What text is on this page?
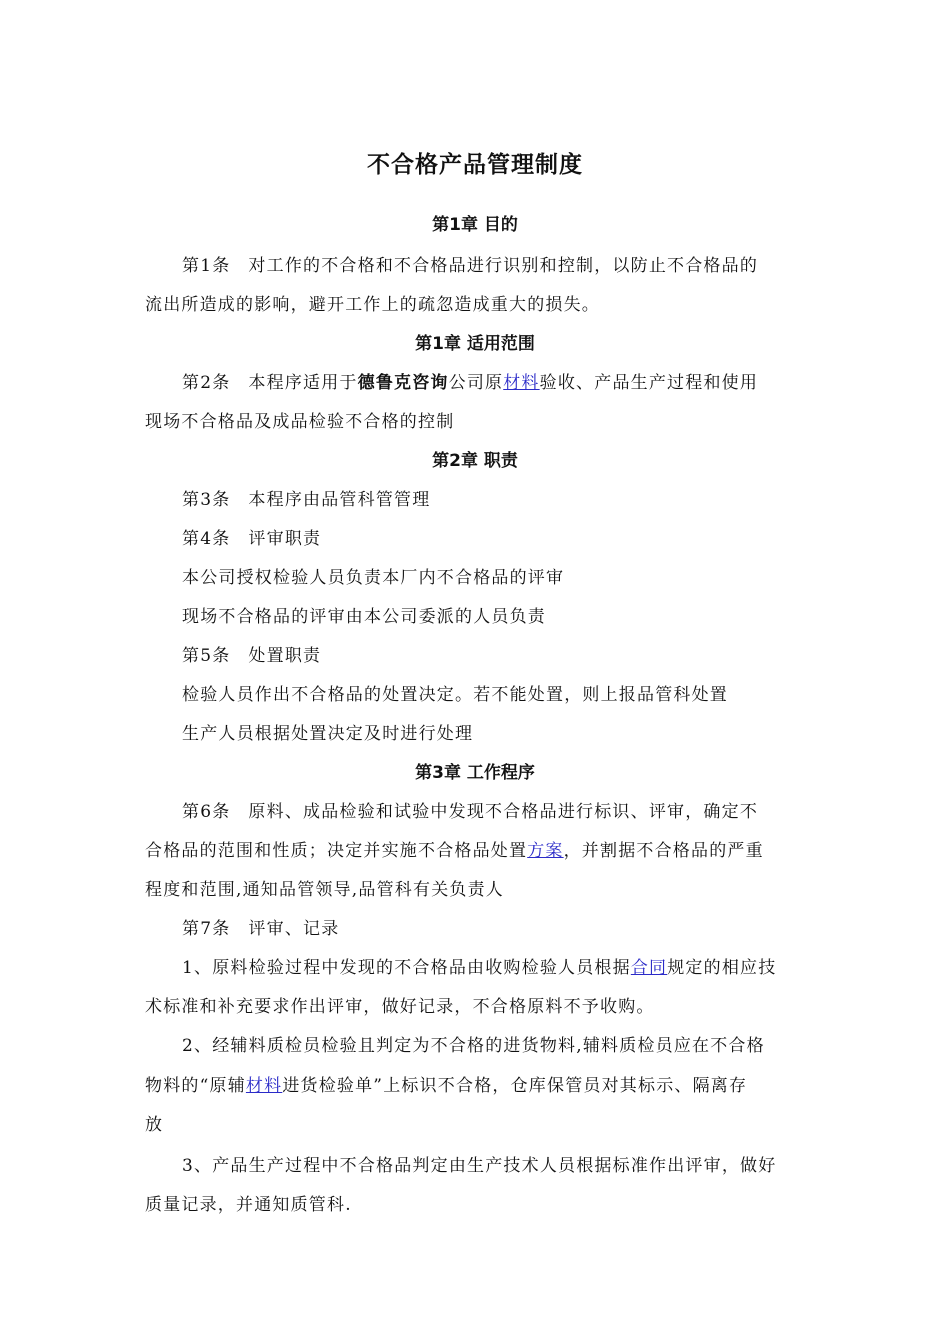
不合格产品管理制度
第1章 目的
第1条 对工作的不合格和不合格品进行识别和控制，以防止不合格品的
流出所造成的影响，避开工作上的疏忽造成重大的损失。
第1章 适用范围
第2条 本程序适用于德鲁克咨询公司原材料验收、产品生产过程和使用
现场不合格品及成品检验不合格的控制
第2章 职责
第3条 本程序由品管科管管理
第4条 评审职责
本公司授权检验人员负责本厂内不合格品的评审
现场不合格品的评审由本公司委派的人员负责
第5条 处置职责
检验人员作出不合格品的处置决定。若不能处置，则上报品管科处置
生产人员根据处置决定及时进行处理
第3章 工作程序
第6条 原料、成品检验和试验中发现不合格品进行标识、评审，确定不
合格品的范围和性质；决定并实施不合格品处置方案，并割据不合格品的严重
程度和范围,通知品管领导,品管科有关负责人
第7条 评审、记录
1、原料检验过程中发现的不合格品由收购检验人员根据合同规定的相应技
术标准和补充要求作出评审，做好记录，不合格原料不予收购。
2、经辅料质检员检验且判定为不合格的进货物料,辅料质检员应在不合格
物料的“原辅材料进货检验单”上标识不合格，仓库保管员对其标示、隔离存
放
3、产品生产过程中不合格品判定由生产技术人员根据标准作出评审，做好
质量记录，并通知质管科.
